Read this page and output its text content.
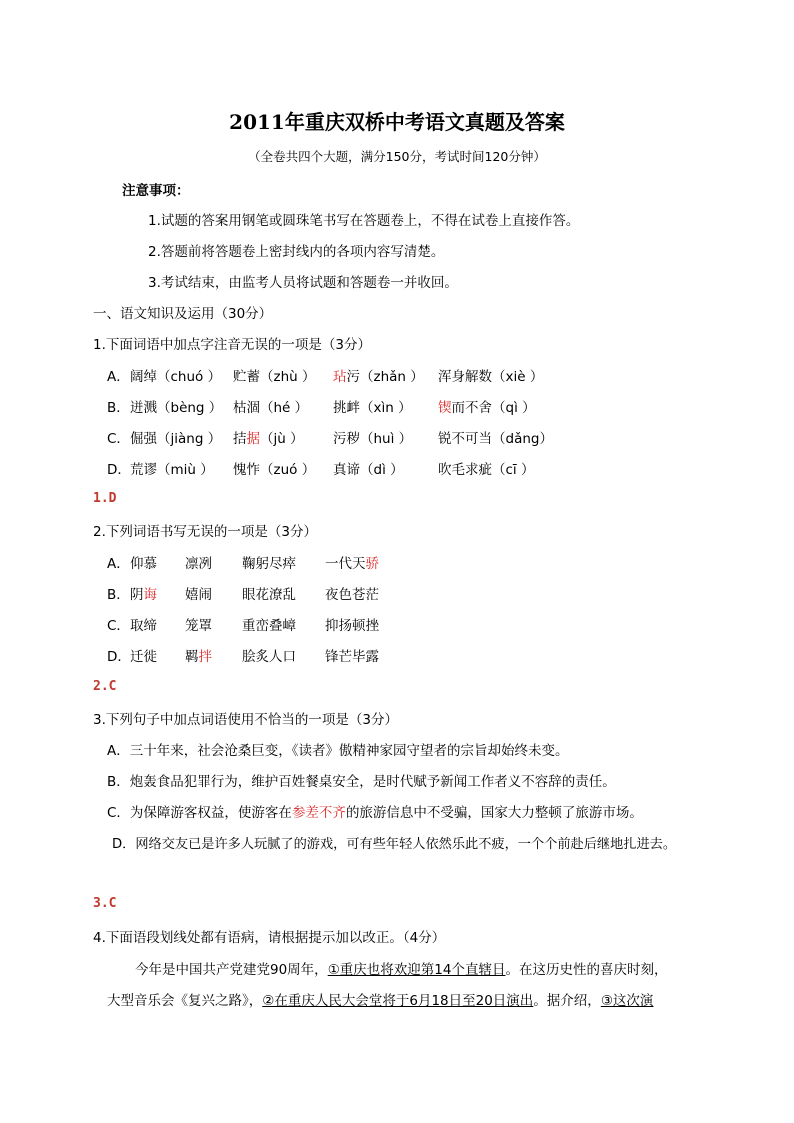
2011年重庆双桥中考语文真题及答案
（全卷共四个大题，满分150分，考试时间120分钟）
注意事项：
1.试题的答案用钢笔或圆珠笔书写在答题卷上，不得在试卷上直接作答。
2.答题前将答题卷上密封线内的各项内容写清楚。
3.考试结束，由监考人员将试题和答题卷一并收回。
一、语文知识及运用（30分）
1.下面词语中加点字注音无误的一项是（3分）
A． 阔绰（chuó ） 贮蓄（zhù ） 玷污（zhǎn ） 浑身解数（xiè ）
B． 迸溅（bèng ） 枯涸（hé ） 挑衅（xìn ） 锲而不舍（qì ）
C． 倔强（jiàng ） 拮据（jù ） 污秽（huì ） 锐不可当（dǎng）
D． 荒谬（miù ） 愧怍（zuó ） 真谛（dì ）	吹毛求疵（cī ）
1.D
2.下列词语书写无误的一项是（3分）
A． 仰慕 凛冽 鞠躬尽瘁 一代天骄
B． 阴诲 嬉闹 眼花潦乱 夜色苍茫
C． 取缔 笼罩 重峦叠嶂 抑扬顿挫
D． 迁徙 羁拌 脍炙人口 锋芒毕露
2.C
3.下列句子中加点词语使用不恰当的一项是（3分）
A．三十年来，社会沧桑巨变，《读者》傲精神家园守望者的宗旨却始终未变。
B．炮轰食品犯罪行为，维护百姓餐桌安全，是时代赋予新闻工作者义不容辞的责任。
C．为保障游客权益，使游客在参差不齐的旅游信息中不受骗，国家大力整顿了旅游市场。
D．网络交友已是许多人玩腻了的游戏，可有些年轻人依然乐此不疲，一个个前赴后继地扎进去。
3.C
4.下面语段划线处都有语病，请根据提示加以改正。（4分）
今年是中国共产党建党90周年，①重庆也将欢迎第14个直辖日。在这历史性的喜庆时刻，
大型音乐会《复兴之路》，②在重庆人民大会堂将于6月18日至20日演出。据介绍，③这次演
